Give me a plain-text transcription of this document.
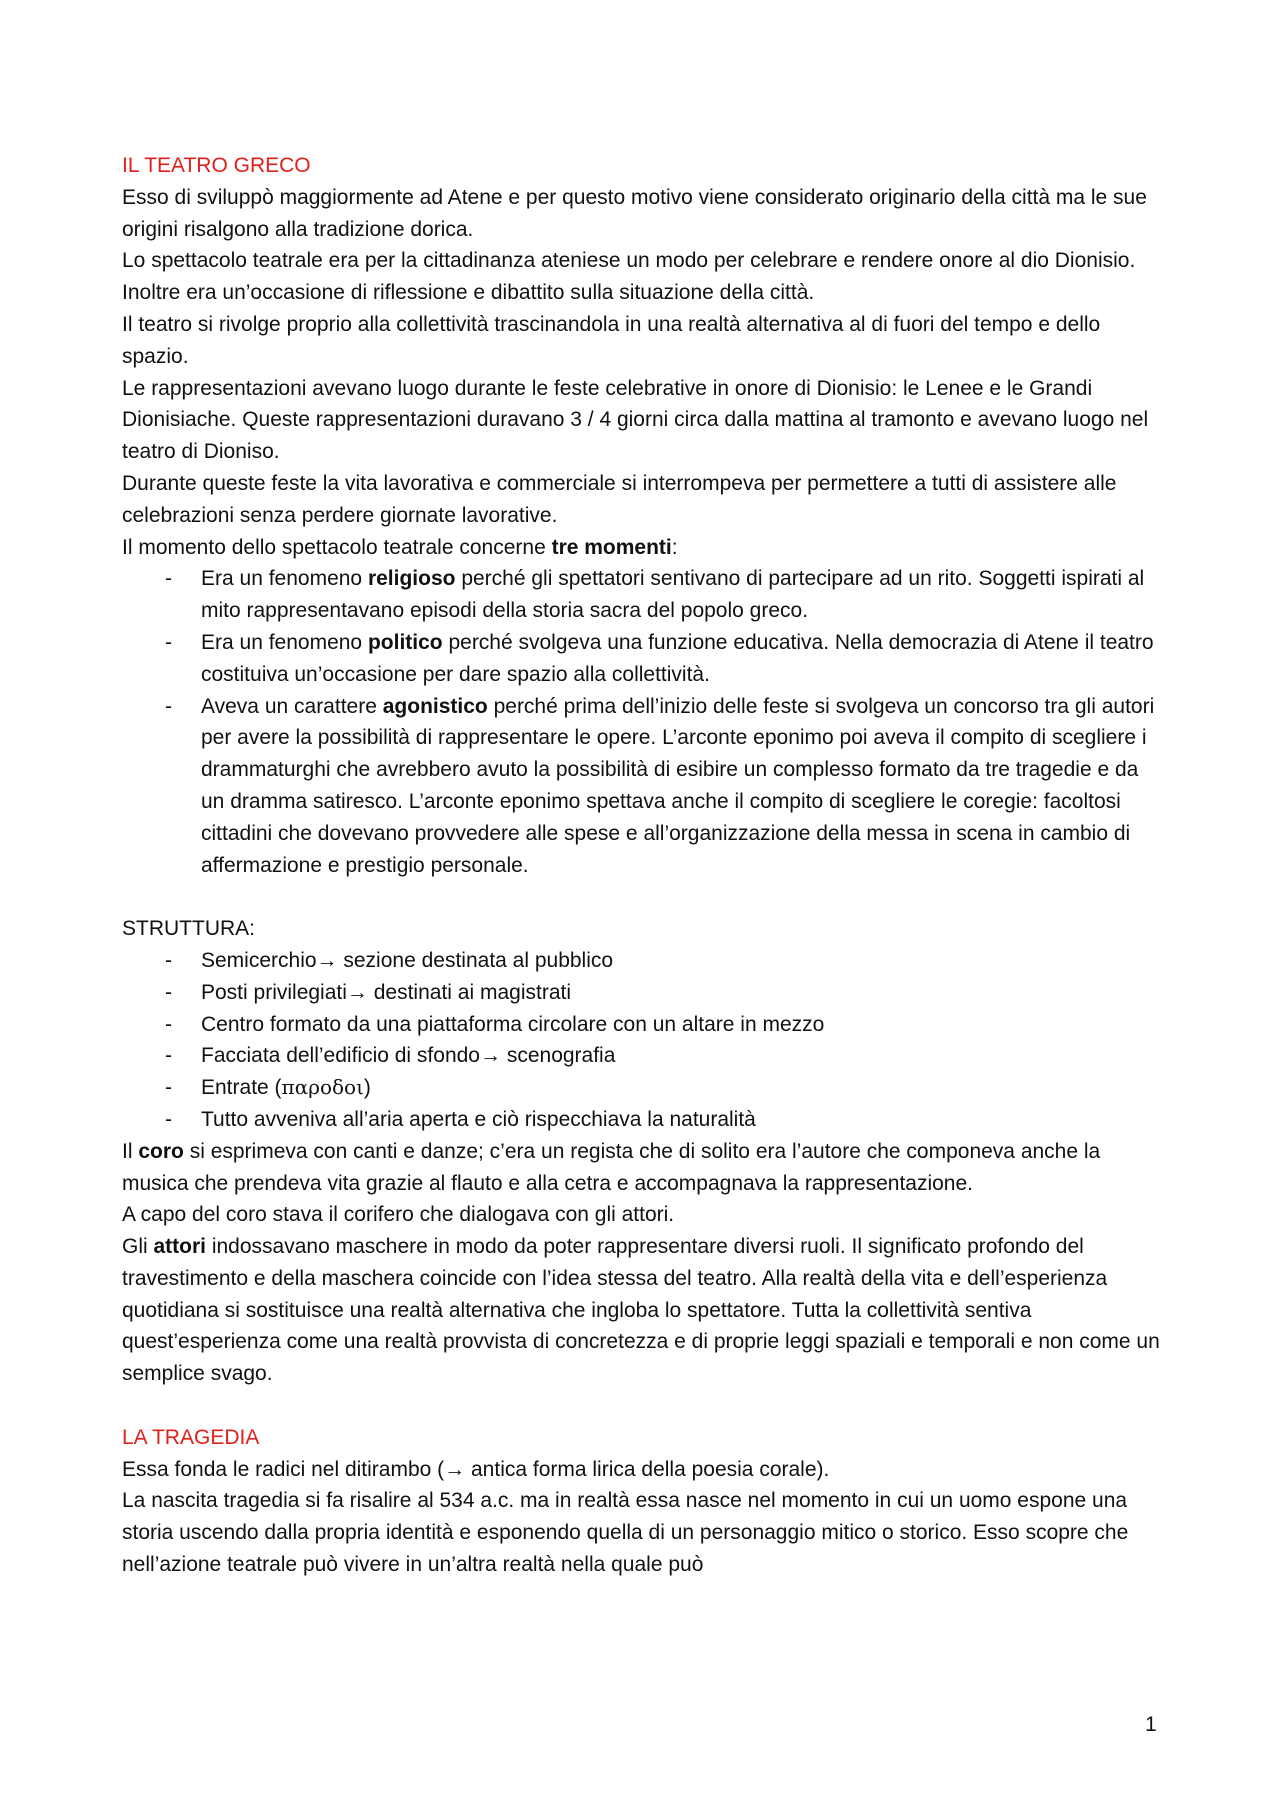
IL TEATRO GRECO

Esso di sviluppò maggiormente ad Atene e per questo motivo viene considerato originario della città ma le sue origini risalgono alla tradizione dorica.

Lo spettacolo teatrale era per la cittadinanza ateniese un modo per celebrare e rendere onore al dio Dionisio. Inoltre era un’occasione di riflessione e dibattito sulla situazione della città.

Il teatro si rivolge proprio alla collettività trascinandola in una realtà alternativa al di fuori del tempo e dello spazio.

Le rappresentazioni avevano luogo durante le feste celebrative in onore di Dionisio: le Lenee e le Grandi Dionisiache. Queste rappresentazioni duravano 3 / 4 giorni circa dalla mattina al tramonto e avevano luogo nel teatro di Dioniso.

Durante queste feste la vita lavorativa e commerciale si interrompeva per permettere a tutti di assistere alle celebrazioni senza perdere giornate lavorative.

Il momento dello spettacolo teatrale concerne tre momenti:

- Era un fenomeno religioso perché gli spettatori sentivano di partecipare ad un rito. Soggetti ispirati al mito rappresentavano episodi della storia sacra del popolo greco.
- Era un fenomeno politico perché svolgeva una funzione educativa. Nella democrazia di Atene il teatro costituiva un’occasione per dare spazio alla collettività.
- Aveva un carattere agonistico perché prima dell’inizio delle feste si svolgeva un concorso tra gli autori per avere la possibilità di rappresentare le opere. L’arconte eponimo poi aveva il compito di scegliere i drammaturghi che avrebbero avuto la possibilità di esibire un complesso formato da tre tragedie e da un dramma satiresco. L’arconte eponimo spettava anche il compito di scegliere le coregie: facoltosi cittadini che dovevano provvedere alle spese e all’organizzazione della messa in scena in cambio di affermazione e prestigio personale.
STRUTTURA:
- Semicerchio→ sezione destinata al pubblico
- Posti privilegiati→ destinati ai magistrati
- Centro formato da una piattaforma circolare con un altare in mezzo
- Facciata dell’edificio di sfondo→ scenografia
- Entrate (παροδοι)
- Tutto avveniva all’aria aperta e ciò rispecchiava la naturalità

Il coro si esprimeva con canti e danze; c’era un regista che di solito era l’autore che componeva anche la musica che prendeva vita grazie al flauto e alla cetra e accompagnava la rappresentazione.

A capo del coro stava il corifero che dialogava con gli attori.

Gli attori indossavano maschere in modo da poter rappresentare diversi ruoli. Il significato profondo del travestimento e della maschera coincide con l’idea stessa del teatro. Alla realtà della vita e dell’esperienza quotidiana si sostituisce una realtà alternativa che ingloba lo spettatore. Tutta la collettività sentiva quest’esperienza come una realtà provvista di concretezza e di proprie leggi spaziali e temporali e non come un semplice svago.

LA TRAGEDIA

Essa fonda le radici nel ditirambo (→ antica forma lirica della poesia corale).

La nascita tragedia si fa risalire al 534 a.c. ma in realtà essa nasce nel momento in cui un uomo espone una storia uscendo dalla propria identità e esponendo quella di un personaggio mitico o storico. Esso scopre che nell’azione teatrale può vivere in un’altra realtà nella quale può

1
